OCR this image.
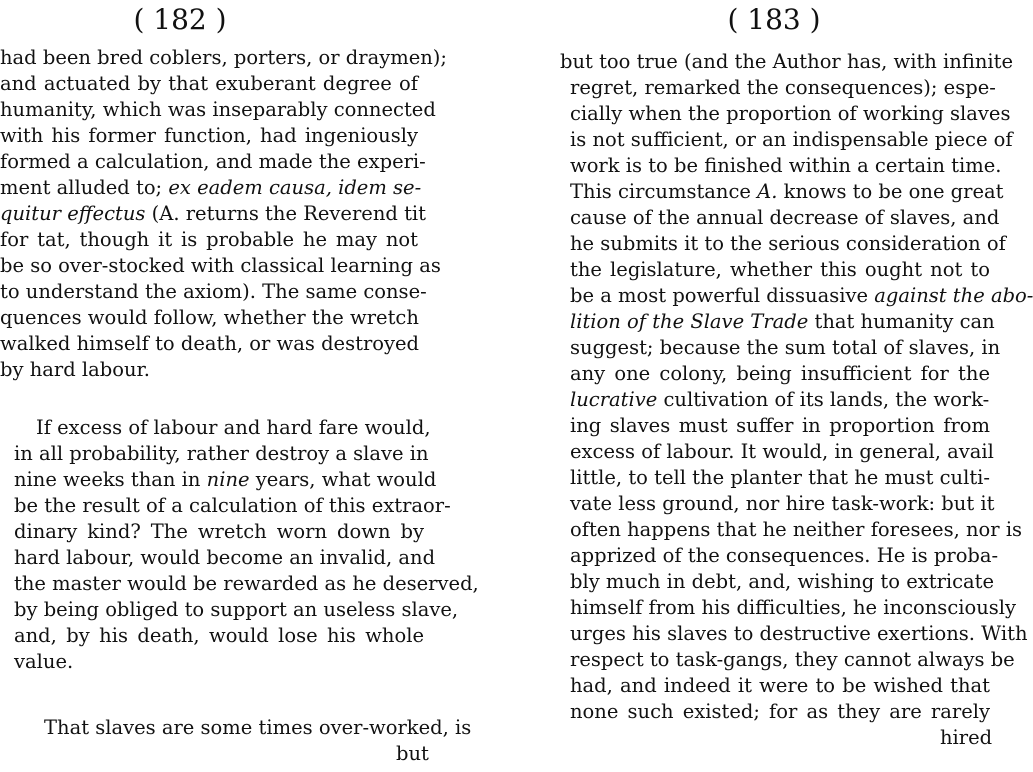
( 182 )
had been bred coblers, porters, or draymen);
and actuated by that exuberant degree of
humanity, which was inseparably connected
with his former function, had ingeniously
formed a calculation, and made the experi-
ment alluded to; ex eadem causa, idem se-
quitur effectus (A. returns the Reverend tit
for tat, though it is probable he may not
be so over-stocked with classical learning as
to understand the axiom). The same conse-
quences would follow, whether the wretch
walked himself to death, or was destroyed
by hard labour.
If excess of labour and hard fare would,
in all probability, rather destroy a slave in
nine weeks than in nine years, what would
be the result of a calculation of this extraor-
dinary kind? The wretch worn down by
hard labour, would become an invalid, and
the master would be rewarded as he deserved,
by being obliged to support an useless slave,
and, by his death, would lose his whole
value.
That slaves are some times over-worked, is
but
( 183 )
but too true (and the Author has, with infinite
regret, remarked the consequences); espe-
cially when the proportion of working slaves
is not sufficient, or an indispensable piece of
work is to be finished within a certain time.
This circumstance A. knows to be one great
cause of the annual decrease of slaves, and
he submits it to the serious consideration of
the legislature, whether this ought not to
be a most powerful dissuasive against the abo-
lition of the Slave Trade that humanity can
suggest; because the sum total of slaves, in
any one colony, being insufficient for the
lucrative cultivation of its lands, the work-
ing slaves must suffer in proportion from
excess of labour. It would, in general, avail
little, to tell the planter that he must culti-
vate less ground, nor hire task-work: but it
often happens that he neither foresees, nor is
apprized of the consequences. He is proba-
bly much in debt, and, wishing to extricate
himself from his difficulties, he inconsciously
urges his slaves to destructive exertions. With
respect to task-gangs, they cannot always be
had, and indeed it were to be wished that
none such existed; for as they are rarely
hired
